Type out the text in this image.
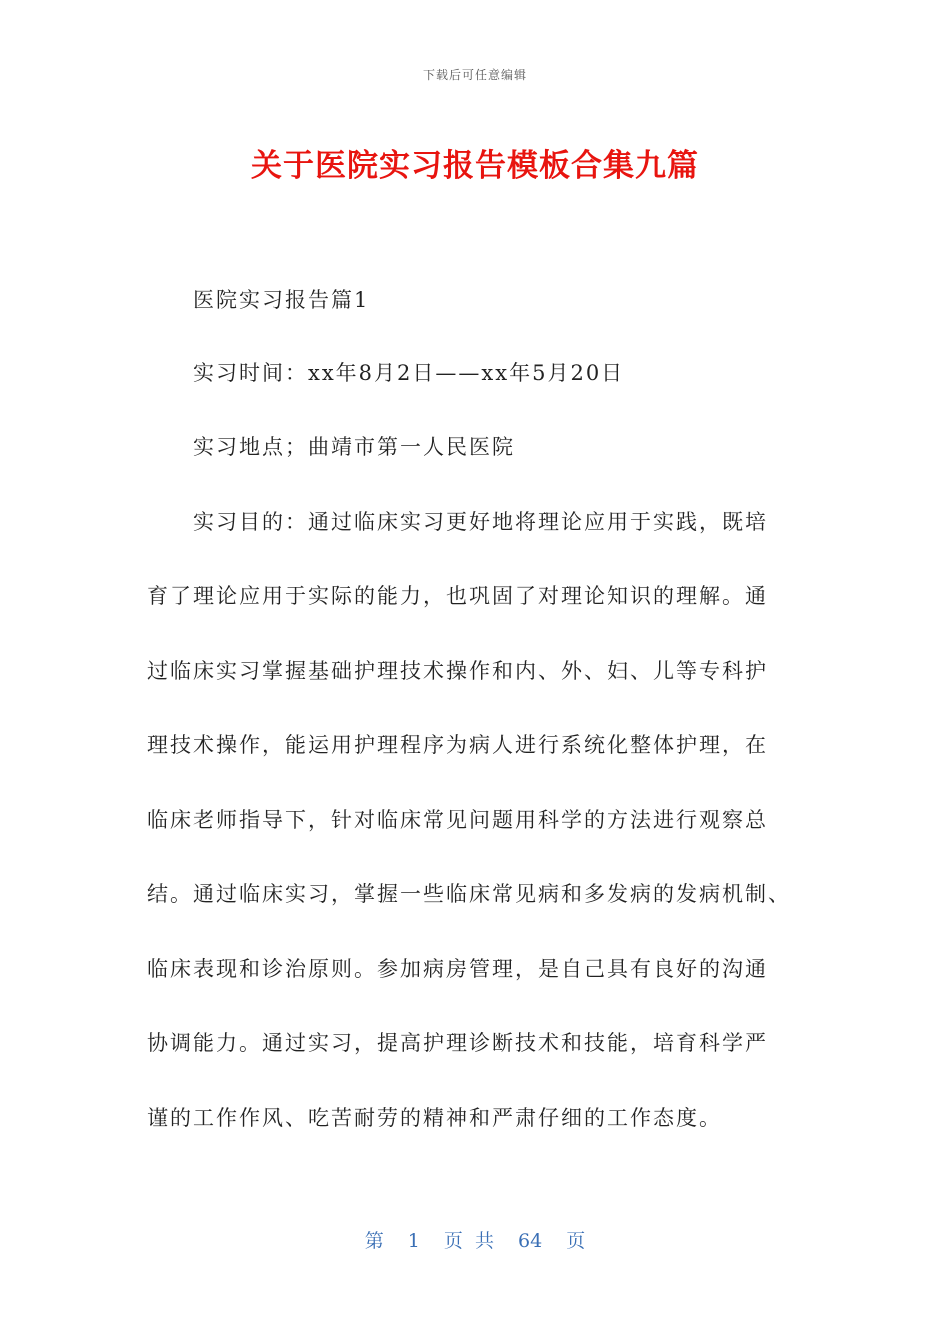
下载后可任意编辑
关于医院实习报告模板合集九篇

医院实习报告篇1

实习时间：xx年8月2日——xx年5月20日

实习地点；曲靖市第一人民医院

实习目的：通过临床实习更好地将理论应用于实践，既培

育了理论应用于实际的能力，也巩固了对理论知识的理解。通

过临床实习掌握基础护理技术操作和内、外、妇、儿等专科护

理技术操作，能运用护理程序为病人进行系统化整体护理，在

临床老师指导下，针对临床常见问题用科学的方法进行观察总

结。通过临床实习，掌握一些临床常见病和多发病的发病机制、

临床表现和诊治原则。参加病房管理，是自己具有良好的沟通

协调能力。通过实习，提高护理诊断技术和技能，培育科学严

谨的工作作风、吃苦耐劳的精神和严肃仔细的工作态度。

第 1 页 共 64 页
